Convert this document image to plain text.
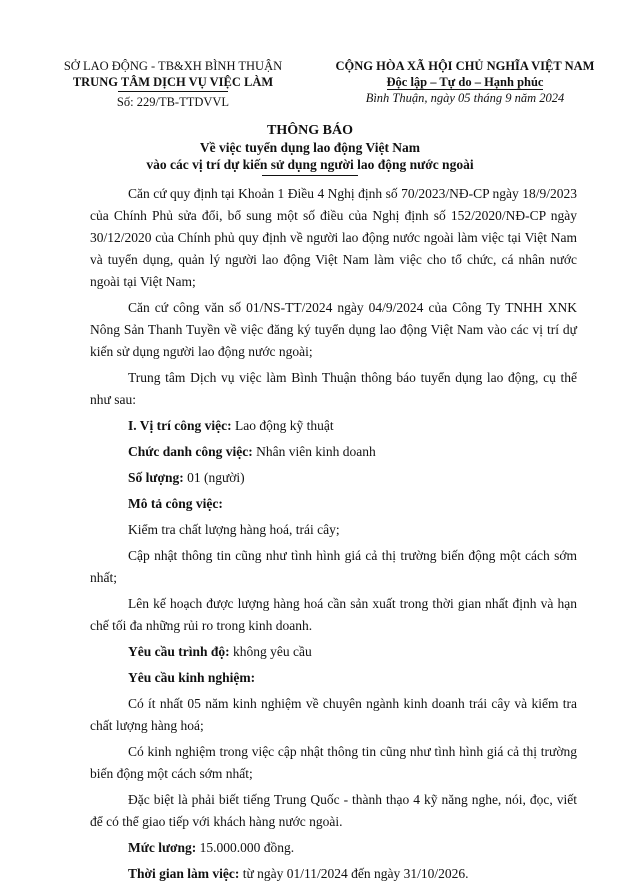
SỞ LAO ĐỘNG - TB&XH BÌNH THUẬN
TRUNG TÂM DỊCH VỤ VIỆC LÀM
Số: 229/TB-TTDVVL
CỘNG HÒA XÃ HỘI CHỦ NGHĨA VIỆT NAM
Độc lập – Tự do – Hạnh phúc
Bình Thuận, ngày 05 tháng 9 năm 2024
THÔNG BÁO
Về việc tuyển dụng lao động Việt Nam
vào các vị trí dự kiến sử dụng người lao động nước ngoài

Căn cứ quy định tại Khoản 1 Điều 4 Nghị định số 70/2023/NĐ-CP ngày 18/9/2023 của Chính Phủ sửa đổi, bổ sung một số điều của Nghị định số 152/2020/NĐ-CP ngày 30/12/2020 của Chính phủ quy định về người lao động nước ngoài làm việc tại Việt Nam và tuyển dụng, quản lý người lao động Việt Nam làm việc cho tổ chức, cá nhân nước ngoài tại Việt Nam;

Căn cứ công văn số 01/NS-TT/2024 ngày 04/9/2024 của Công Ty TNHH XNK Nông Sản Thanh Tuyền về việc đăng ký tuyển dụng lao động Việt Nam vào các vị trí dự kiến sử dụng người lao động nước ngoài;

Trung tâm Dịch vụ việc làm Bình Thuận thông báo tuyển dụng lao động, cụ thể như sau:

I. Vị trí công việc: Lao động kỹ thuật

Chức danh công việc: Nhân viên kinh doanh

Số lượng: 01 (người)

Mô tả công việc:

Kiểm tra chất lượng hàng hoá, trái cây;

Cập nhật thông tin cũng như tình hình giá cả thị trường biến động một cách sớm nhất;

Lên kế hoạch được lượng hàng hoá cần sản xuất trong thời gian nhất định và hạn chế tối đa những rủi ro trong kinh doanh.

Yêu cầu trình độ: không yêu cầu

Yêu cầu kinh nghiệm:

Có ít nhất 05 năm kinh nghiệm về chuyên ngành kinh doanh trái cây và kiểm tra chất lượng hàng hoá;

Có kinh nghiệm trong việc cập nhật thông tin cũng như tình hình giá cả thị trường biến động một cách sớm nhất;

Đặc biệt là phải biết tiếng Trung Quốc - thành thạo 4 kỹ năng nghe, nói, đọc, viết để có thể giao tiếp với khách hàng nước ngoài.

Mức lương: 15.000.000 đồng.

Thời gian làm việc: từ ngày 01/11/2024 đến ngày 31/10/2026.
